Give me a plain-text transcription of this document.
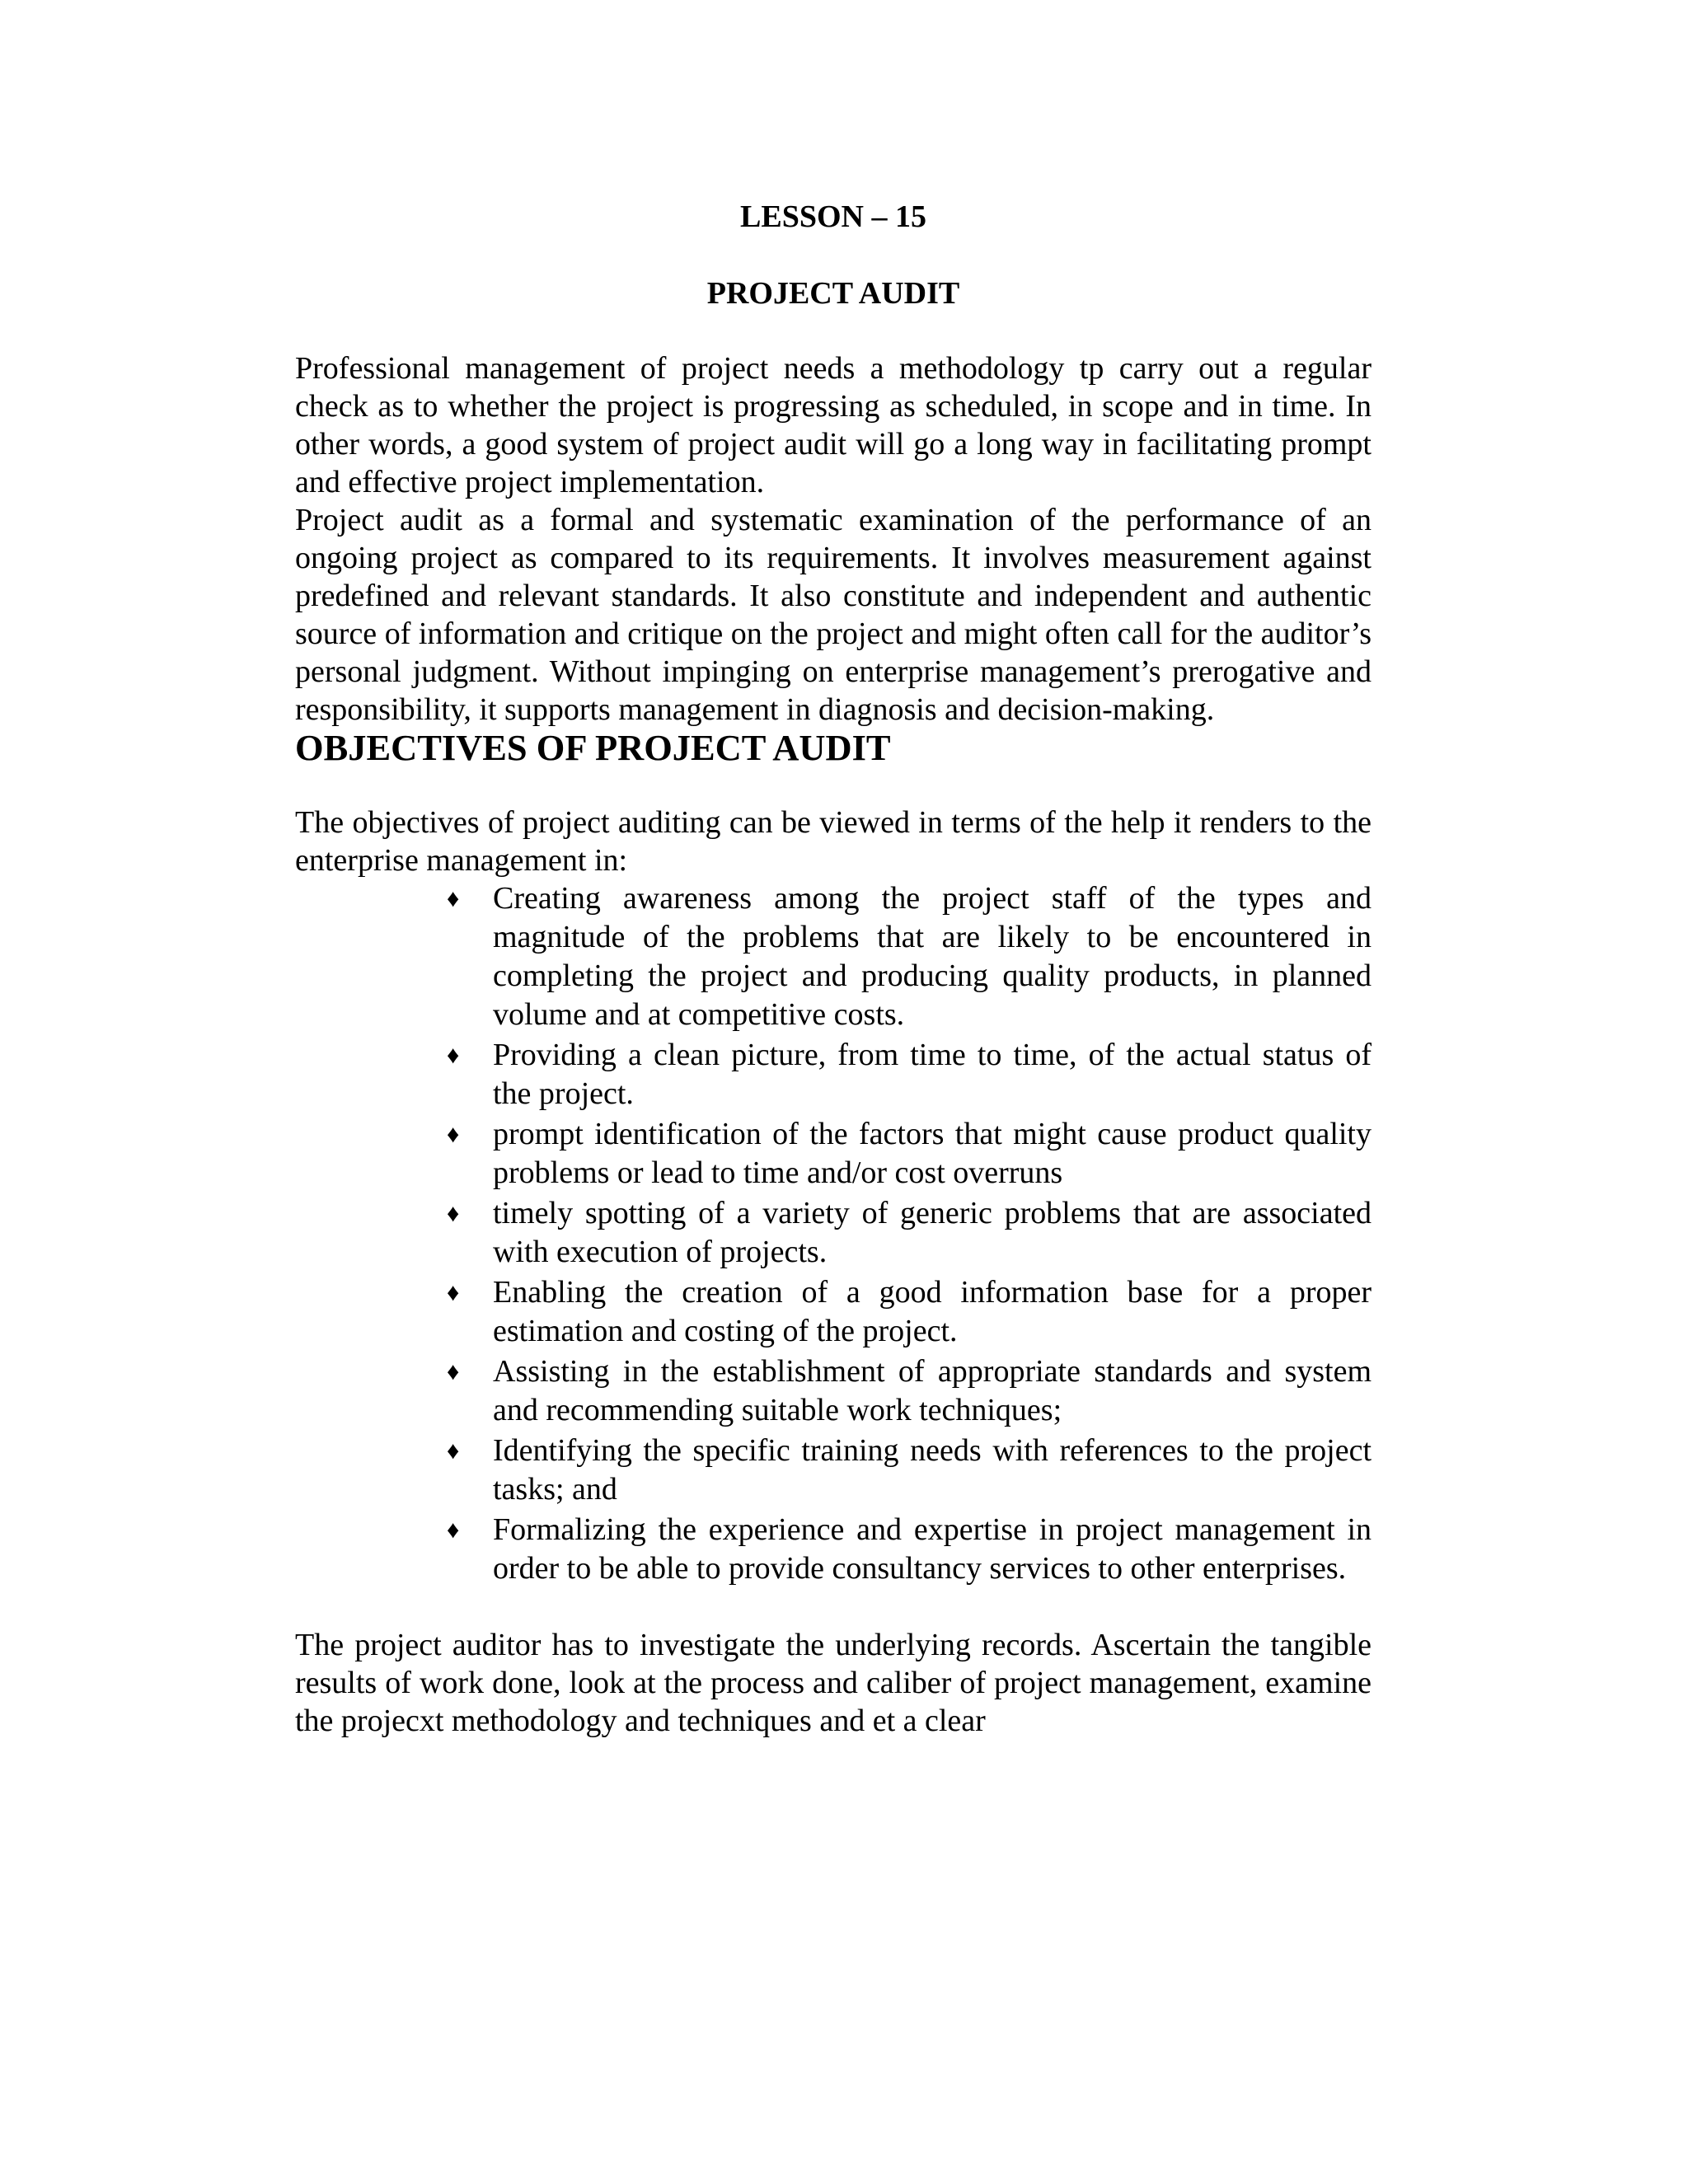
LESSON – 15
PROJECT AUDIT

Professional management of project needs a methodology tp carry out a regular check as to whether the project is progressing as scheduled, in scope and in time. In other words, a good system of project audit will go a long way in facilitating prompt and effective project implementation.

Project audit as a formal and systematic examination of the performance of an ongoing project as compared to its requirements. It involves measurement against predefined and relevant standards. It also constitute and independent and authentic source of information and critique on the project and might often call for the auditor’s personal judgment. Without impinging on enterprise management’s prerogative and responsibility, it supports management in diagnosis and decision-making.

OBJECTIVES OF PROJECT AUDIT

The objectives of project auditing can be viewed in terms of the help it renders to the enterprise management in:

♦ Creating awareness among the project staff of the types and magnitude of the problems that are likely to be encountered in completing the project and producing quality products, in planned volume and at competitive costs.
♦ Providing a clean picture, from time to time, of the actual status of the project.
♦ prompt identification of the factors that might cause product quality problems or lead to time and/or cost overruns
♦ timely spotting of a variety of generic problems that are associated with execution of projects.
♦ Enabling the creation of a good information base for a proper estimation and costing of the project.
♦ Assisting in the establishment of appropriate standards and system and recommending suitable work techniques;
♦ Identifying the specific training needs with references to the project tasks; and
♦ Formalizing the experience and expertise in project management in order to be able to provide consultancy services to other enterprises.

The project auditor has to investigate the underlying records. Ascertain the tangible results of work done, look at the process and caliber of project management, examine the projecxt methodology and techniques and et a clear
